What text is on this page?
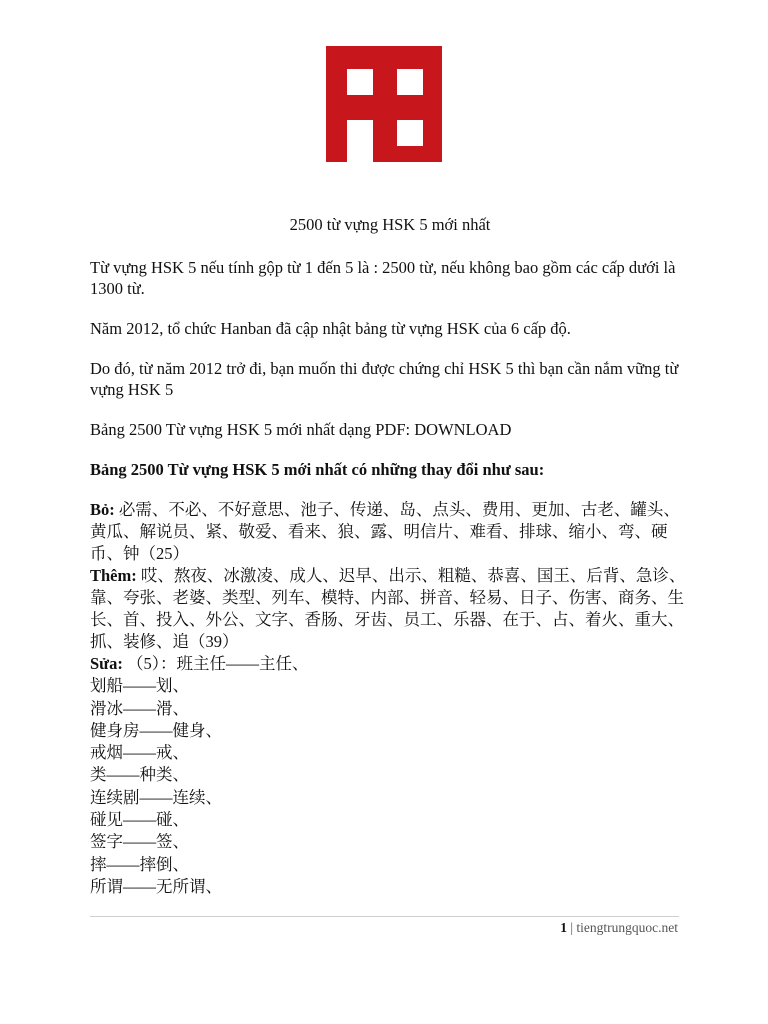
2500 từ vựng HSK 5 mới nhất

Từ vựng HSK 5 nếu tính gộp từ 1 đến 5 là : 2500 từ, nếu không bao gồm các cấp dưới là 1300 từ.

Năm 2012, tổ chức Hanban đã cập nhật bảng từ vựng HSK của 6 cấp độ.

Do đó, từ năm 2012 trở đi, bạn muốn thi được chứng chỉ HSK 5 thì bạn cần nắm vững từ vựng HSK 5

Bảng 2500 Từ vựng HSK 5 mới nhất dạng PDF: DOWNLOAD

Bảng 2500 Từ vựng HSK 5 mới nhất có những thay đổi như sau:

Bỏ: 必需、不必、不好意思、池子、传递、岛、点头、费用、更加、古老、罐头、黄瓜、解说员、紧、敬爱、看来、狼、露、明信片、难看、排球、缩小、弯、硬币、钟（25）

Thêm: 哎、熬夜、冰激凌、成人、迟早、出示、粗糙、恭喜、国王、后背、急诊、靠、夸张、老婆、类型、列车、模特、内部、拼音、轻易、日子、伤害、商务、生长、首、投入、外公、文字、香肠、牙齿、员工、乐器、在于、占、着火、重大、抓、装修、追（39）

Sửa: （5）：班主任——主任、
划船——划、
滑冰——滑、
健身房——健身、
戒烟——戒、
类——种类、
连续剧——连续、
碰见——碰、
签字——签、
摔——摔倒、
所谓——无所谓、
1 | tiengtrungquoc.net
